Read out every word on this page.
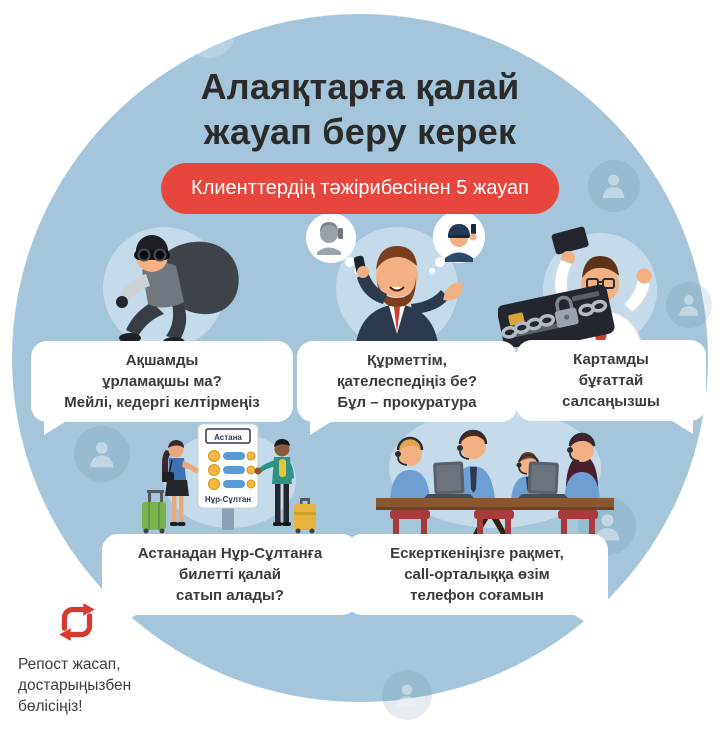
Алаяқтарға қалай
жауап беру керек
Клиенттердің тәжірибесінен 5 жауап
Астана
Нұр-Сұлтан
Ақшамды
ұрламақшы ма?
Мейлі, кедергі келтірмеңіз
Құрметтім,
қателеспедіңіз бе?
Бұл – прокуратура
Картамды
бұғаттай
салсаңызшы
Астанадан Нұр-Сұлтанға
билетті қалай
сатып алады?
Ескерткеніңізге рақмет,
call-орталыққа өзім
телефон соғамын
Репост жасап,
достарыңызбен
бөлісіңіз!
